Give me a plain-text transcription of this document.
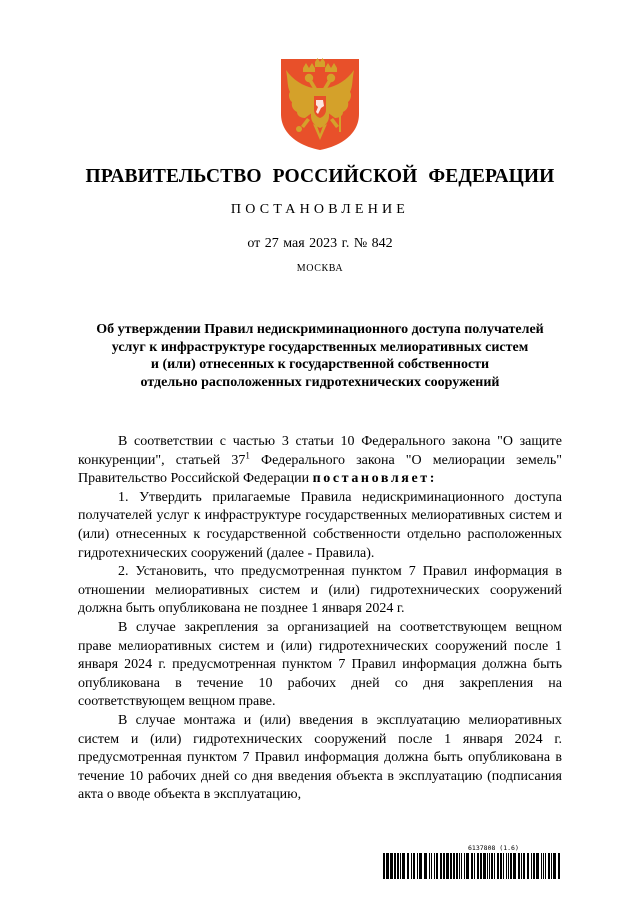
ПРАВИТЕЛЬСТВО РОССИЙСКОЙ ФЕДЕРАЦИИ
ПОСТАНОВЛЕНИЕ
от 27 мая 2023 г. № 842
МОСКВА
Об утверждении Правил недискриминационного доступа получателей
услуг к инфраструктуре государственных мелиоративных систем
и (или) отнесенных к государственной собственности
отдельно расположенных гидротехнических сооружений

В соответствии с частью 3 статьи 10 Федерального закона "О защите конкуренции", статьей $37^1$ Федерального закона "О мелиорации земель" Правительство Российской Федерации постановляет:

1. Утвердить прилагаемые Правила недискриминационного доступа получателей услуг к инфраструктуре государственных мелиоративных систем и (или) отнесенных к государственной собственности отдельно расположенных гидротехнических сооружений (далее - Правила).

2. Установить, что предусмотренная пунктом 7 Правил информация в отношении мелиоративных систем и (или) гидротехнических сооружений должна быть опубликована не позднее 1 января 2024 г.

В случае закрепления за организацией на соответствующем вещном праве мелиоративных систем и (или) гидротехнических сооружений после 1 января 2024 г. предусмотренная пунктом 7 Правил информация должна быть опубликована в течение 10 рабочих дней со дня закрепления на соответствующем вещном праве.

В случае монтажа и (или) введения в эксплуатацию мелиоративных систем и (или) гидротехнических сооружений после 1 января 2024 г. предусмотренная пунктом 7 Правил информация должна быть опубликована в течение 10 рабочих дней со дня введения объекта в эксплуатацию (подписания акта о вводе объекта в эксплуатацию,

6137808 (1.6)
